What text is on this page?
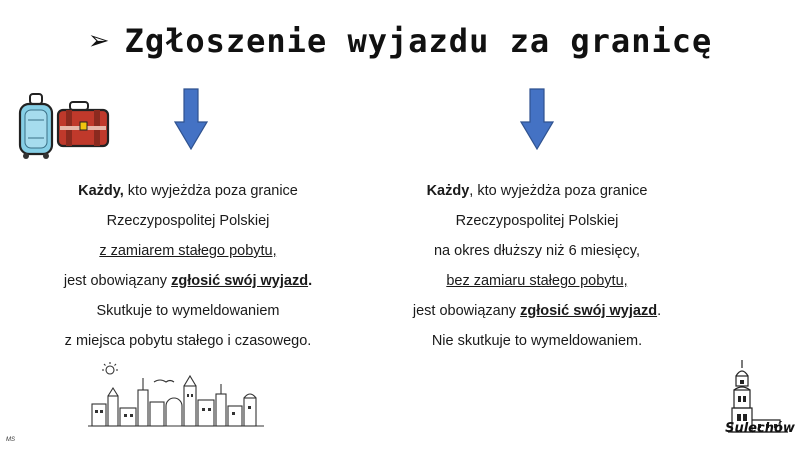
➢ Zgłoszenie wyjazdu za granicę

Każdy, kto wyjeżdża poza granice

Rzeczypospolitej Polskiej

z zamiarem stałego pobytu,

jest obowiązany zgłosić swój wyjazd.

Skutkuje to wymeldowaniem

z miejsca pobytu stałego i czasowego.

Każdy, kto wyjeżdża poza granice

Rzeczypospolitej Polskiej

na okres dłuższy niż 6 miesięcy,

bez zamiaru stałego pobytu,

jest obowiązany zgłosić swój wyjazd.

Nie skutkuje to wymeldowaniem.

Sulechów
MS
